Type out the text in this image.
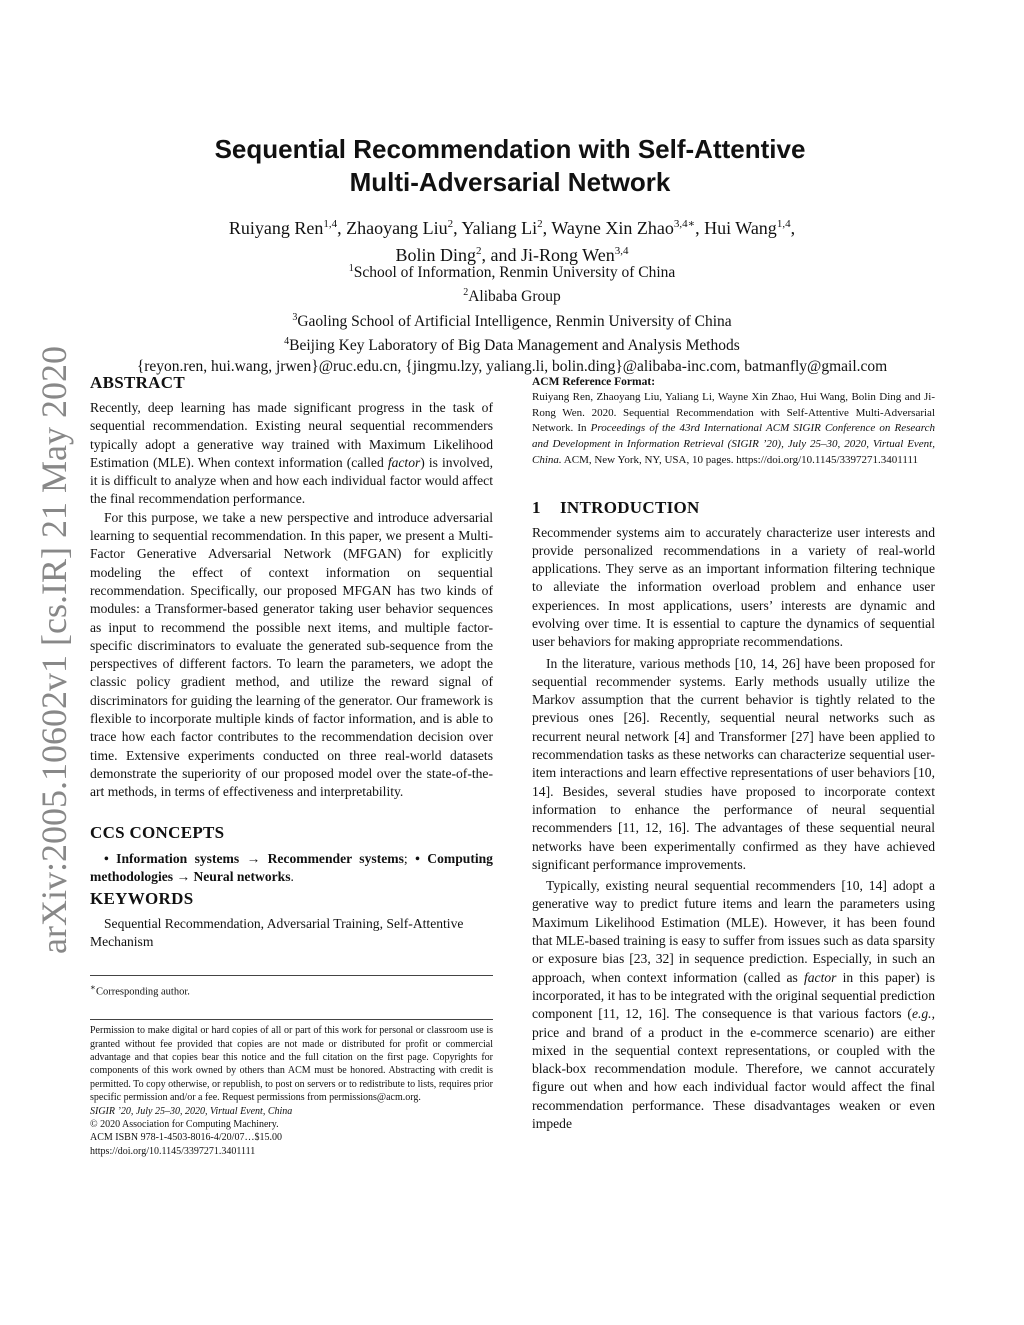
arXiv:2005.10602v1 [cs.IR] 21 May 2020
Sequential Recommendation with Self-Attentive
Multi-Adversarial Network
Ruiyang Ren$^{1,4}$, Zhaoyang Liu$^2$, Yaliang Li$^2$, Wayne Xin Zhao$^{3,4∗}$, Hui Wang$^{1,4}$,
Bolin Ding$^2$, and Ji-Rong Wen$^{3,4}$
$^1$School of Information, Renmin University of China
$^2$Alibaba Group
$^3$Gaoling School of Artificial Intelligence, Renmin University of China
$^4$Beijing Key Laboratory of Big Data Management and Analysis Methods
{reyon.ren, hui.wang, jrwen}@ruc.edu.cn, {jingmu.lzy, yaliang.li, bolin.ding}@alibaba-inc.com, batmanfly@gmail.com
ABSTRACT

Recently, deep learning has made significant progress in the task of sequential recommendation. Existing neural sequential recommenders typically adopt a generative way trained with Maximum Likelihood Estimation (MLE). When context information (called factor) is involved, it is difficult to analyze when and how each individual factor would affect the final recommendation performance.

For this purpose, we take a new perspective and introduce adversarial learning to sequential recommendation. In this paper, we present a Multi-Factor Generative Adversarial Network (MFGAN) for explicitly modeling the effect of context information on sequential recommendation. Specifically, our proposed MFGAN has two kinds of modules: a Transformer-based generator taking user behavior sequences as input to recommend the possible next items, and multiple factor-specific discriminators to evaluate the generated sub-sequence from the perspectives of different factors. To learn the parameters, we adopt the classic policy gradient method, and utilize the reward signal of discriminators for guiding the learning of the generator. Our framework is flexible to incorporate multiple kinds of factor information, and is able to trace how each factor contributes to the recommendation decision over time. Extensive experiments conducted on three real-world datasets demonstrate the superiority of our proposed model over the state-of-the-art methods, in terms of effectiveness and interpretability.

CCS CONCEPTS

• Information systems → Recommender systems; • Computing methodologies → Neural networks.

KEYWORDS

Sequential Recommendation, Adversarial Training, Self-Attentive Mechanism

∗Corresponding author.

Permission to make digital or hard copies of all or part of this work for personal or classroom use is granted without fee provided that copies are not made or distributed for profit or commercial advantage and that copies bear this notice and the full citation on the first page. Copyrights for components of this work owned by others than ACM must be honored. Abstracting with credit is permitted. To copy otherwise, or republish, to post on servers or to redistribute to lists, requires prior specific permission and/or a fee. Request permissions from permissions@acm.org.

SIGIR ’20, July 25–30, 2020, Virtual Event, China

© 2020 Association for Computing Machinery.

ACM ISBN 978-1-4503-8016-4/20/07…$15.00

https://doi.org/10.1145/3397271.3401111

ACM Reference Format:

Ruiyang Ren, Zhaoyang Liu, Yaliang Li, Wayne Xin Zhao, Hui Wang, Bolin Ding and Ji-Rong Wen. 2020. Sequential Recommendation with Self-Attentive Multi-Adversarial Network. In Proceedings of the 43rd International ACM SIGIR Conference on Research and Development in Information Retrieval (SIGIR ’20), July 25–30, 2020, Virtual Event, China. ACM, New York, NY, USA, 10 pages. https://doi.org/10.1145/3397271.3401111

1 INTRODUCTION

Recommender systems aim to accurately characterize user interests and provide personalized recommendations in a variety of real-world applications. They serve as an important information filtering technique to alleviate the information overload problem and enhance user experiences. In most applications, users’ interests are dynamic and evolving over time. It is essential to capture the dynamics of sequential user behaviors for making appropriate recommendations.

In the literature, various methods [10, 14, 26] have been proposed for sequential recommender systems. Early methods usually utilize the Markov assumption that the current behavior is tightly related to the previous ones [26]. Recently, sequential neural networks such as recurrent neural network [4] and Transformer [27] have been applied to recommendation tasks as these networks can characterize sequential user-item interactions and learn effective representations of user behaviors [10, 14]. Besides, several studies have proposed to incorporate context information to enhance the performance of neural sequential recommenders [11, 12, 16]. The advantages of these sequential neural networks have been experimentally confirmed as they have achieved significant performance improvements.

Typically, existing neural sequential recommenders [10, 14] adopt a generative way to predict future items and learn the parameters using Maximum Likelihood Estimation (MLE). However, it has been found that MLE-based training is easy to suffer from issues such as data sparsity or exposure bias [23, 32] in sequence prediction. Especially, in such an approach, when context information (called as factor in this paper) is incorporated, it has to be integrated with the original sequential prediction component [11, 12, 16]. The consequence is that various factors (e.g., price and brand of a product in the e-commerce scenario) are either mixed in the sequential context representations, or coupled with the black-box recommendation module. Therefore, we cannot accurately figure out when and how each individual factor would affect the final recommendation performance. These disadvantages weaken or even impede
